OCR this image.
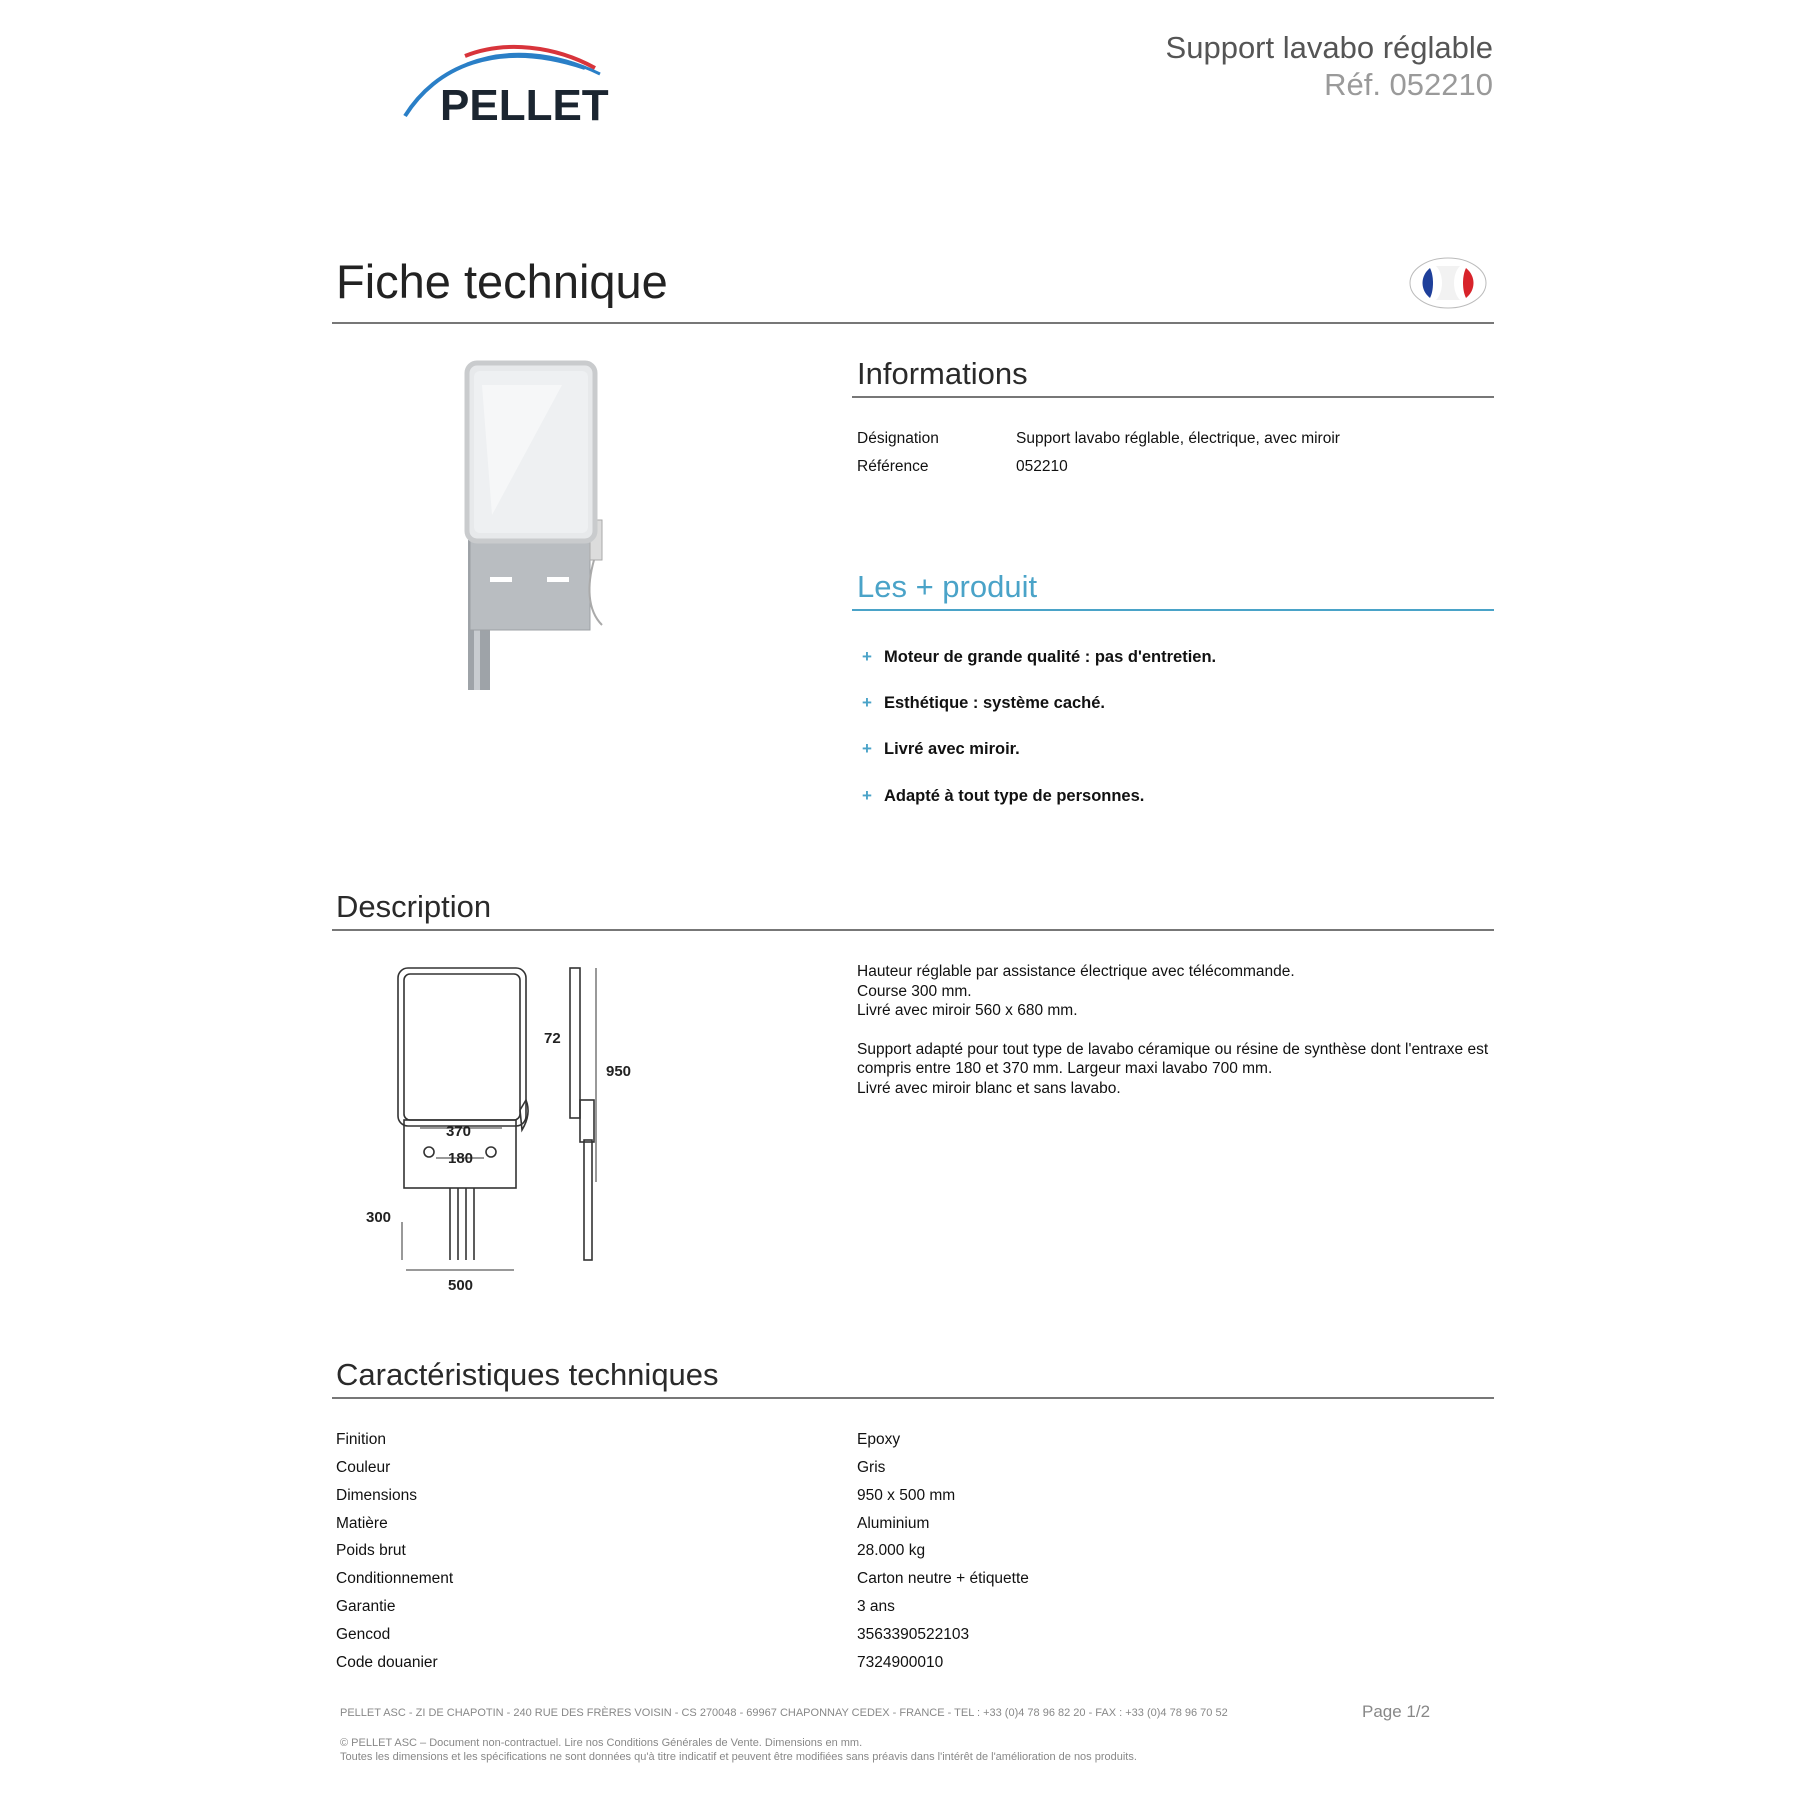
PELLET
Support lavabo réglable
Réf. 052210
Fiche technique
Informations
Désignation	Support lavabo réglable, électrique, avec miroir
Référence	052210
Les + produit
+ Moteur de grande qualité : pas d'entretien.
+ Esthétique : système caché.
+ Livré avec miroir.
+ Adapté à tout type de personnes.
Description
370
180
300
500
72
950

Hauteur réglable par assistance électrique avec télécommande.
Course 300 mm.
Livré avec miroir 560 x 680 mm.

Support adapté pour tout type de lavabo céramique ou résine de synthèse dont l'entraxe est
compris entre 180 et 370 mm. Largeur maxi lavabo 700 mm.
Livré avec miroir blanc et sans lavabo.

Caractéristiques techniques
Finition	Epoxy
Couleur	Gris
Dimensions	950 x 500 mm
Matière	Aluminium
Poids brut	28.000 kg
Conditionnement	Carton neutre + étiquette
Garantie	3 ans
Gencod	3563390522103
Code douanier	7324900010
PELLET ASC - ZI DE CHAPOTIN - 240 RUE DES FRÈRES VOISIN - CS 270048 - 69967 CHAPONNAY CEDEX - FRANCE - TEL : +33 (0)4 78 96 82 20 - FAX : +33 (0)4 78 96 70 52	Page 1/2
© PELLET ASC – Document non-contractuel. Lire nos Conditions Générales de Vente. Dimensions en mm.
Toutes les dimensions et les spécifications ne sont données qu'à titre indicatif et peuvent être modifiées sans préavis dans l'intérêt de l'amélioration de nos produits.
